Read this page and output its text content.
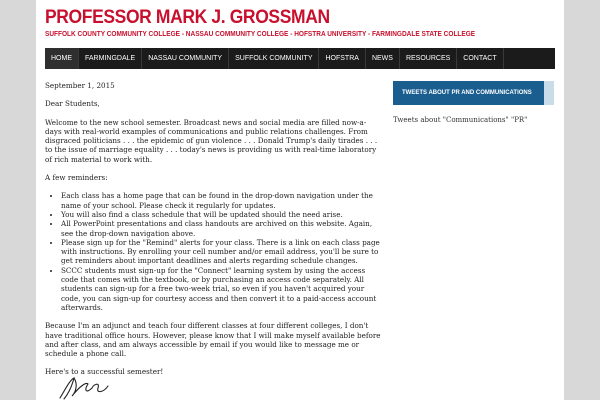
PROFESSOR MARK J. GROSSMAN
SUFFOLK COUNTY COMMUNITY COLLEGE - NASSAU COMMUNITY COLLEGE - HOFSTRA UNIVERSITY - FARMINGDALE STATE COLLEGE
HOME	FARMINGDALE	NASSAU COMMUNITY	SUFFOLK COMMUNITY	HOFSTRA	NEWS	RESOURCES	CONTACT

September 1, 2015

Dear Students,

Welcome to the new school semester. Broadcast news and social media are filled now-a-days with real-world examples of communications and public relations challenges. From disgraced politicians . . . the epidemic of gun violence . . . Donald Trump's daily tirades . . . to the issue of marriage equality . . . today's news is providing us with real-time laboratory of rich material to work with.

A few reminders:

• Each class has a home page that can be found in the drop-down navigation under the name of your school. Please check it regularly for updates.
• You will also find a class schedule that will be updated should the need arise.
• All PowerPoint presentations and class handouts are archived on this website. Again, see the drop-down navigation above.
• Please sign up for the "Remind" alerts for your class. There is a link on each class page with instructions. By enrolling your cell number and/or email address, you'll be sure to get reminders about important deadlines and alerts regarding schedule changes.
• SCCC students must sign-up for the "Connect" learning system by using the access code that comes with the textbook, or by purchasing an access code separately. All students can sign-up for a free two-week trial, so even if you haven't acquired your code, you can sign-up for courtesy access and then convert it to a paid-access account afterwards.

Because I'm an adjunct and teach four different classes at four different colleges, I don't have traditional office hours. However, please know that I will make myself available before and after class, and am always accessible by email if you would like to message me or schedule a phone call.

Here's to a successful semester!

TWEETS ABOUT PR AND COMMUNICATIONS
Tweets about "Communications" "PR"
